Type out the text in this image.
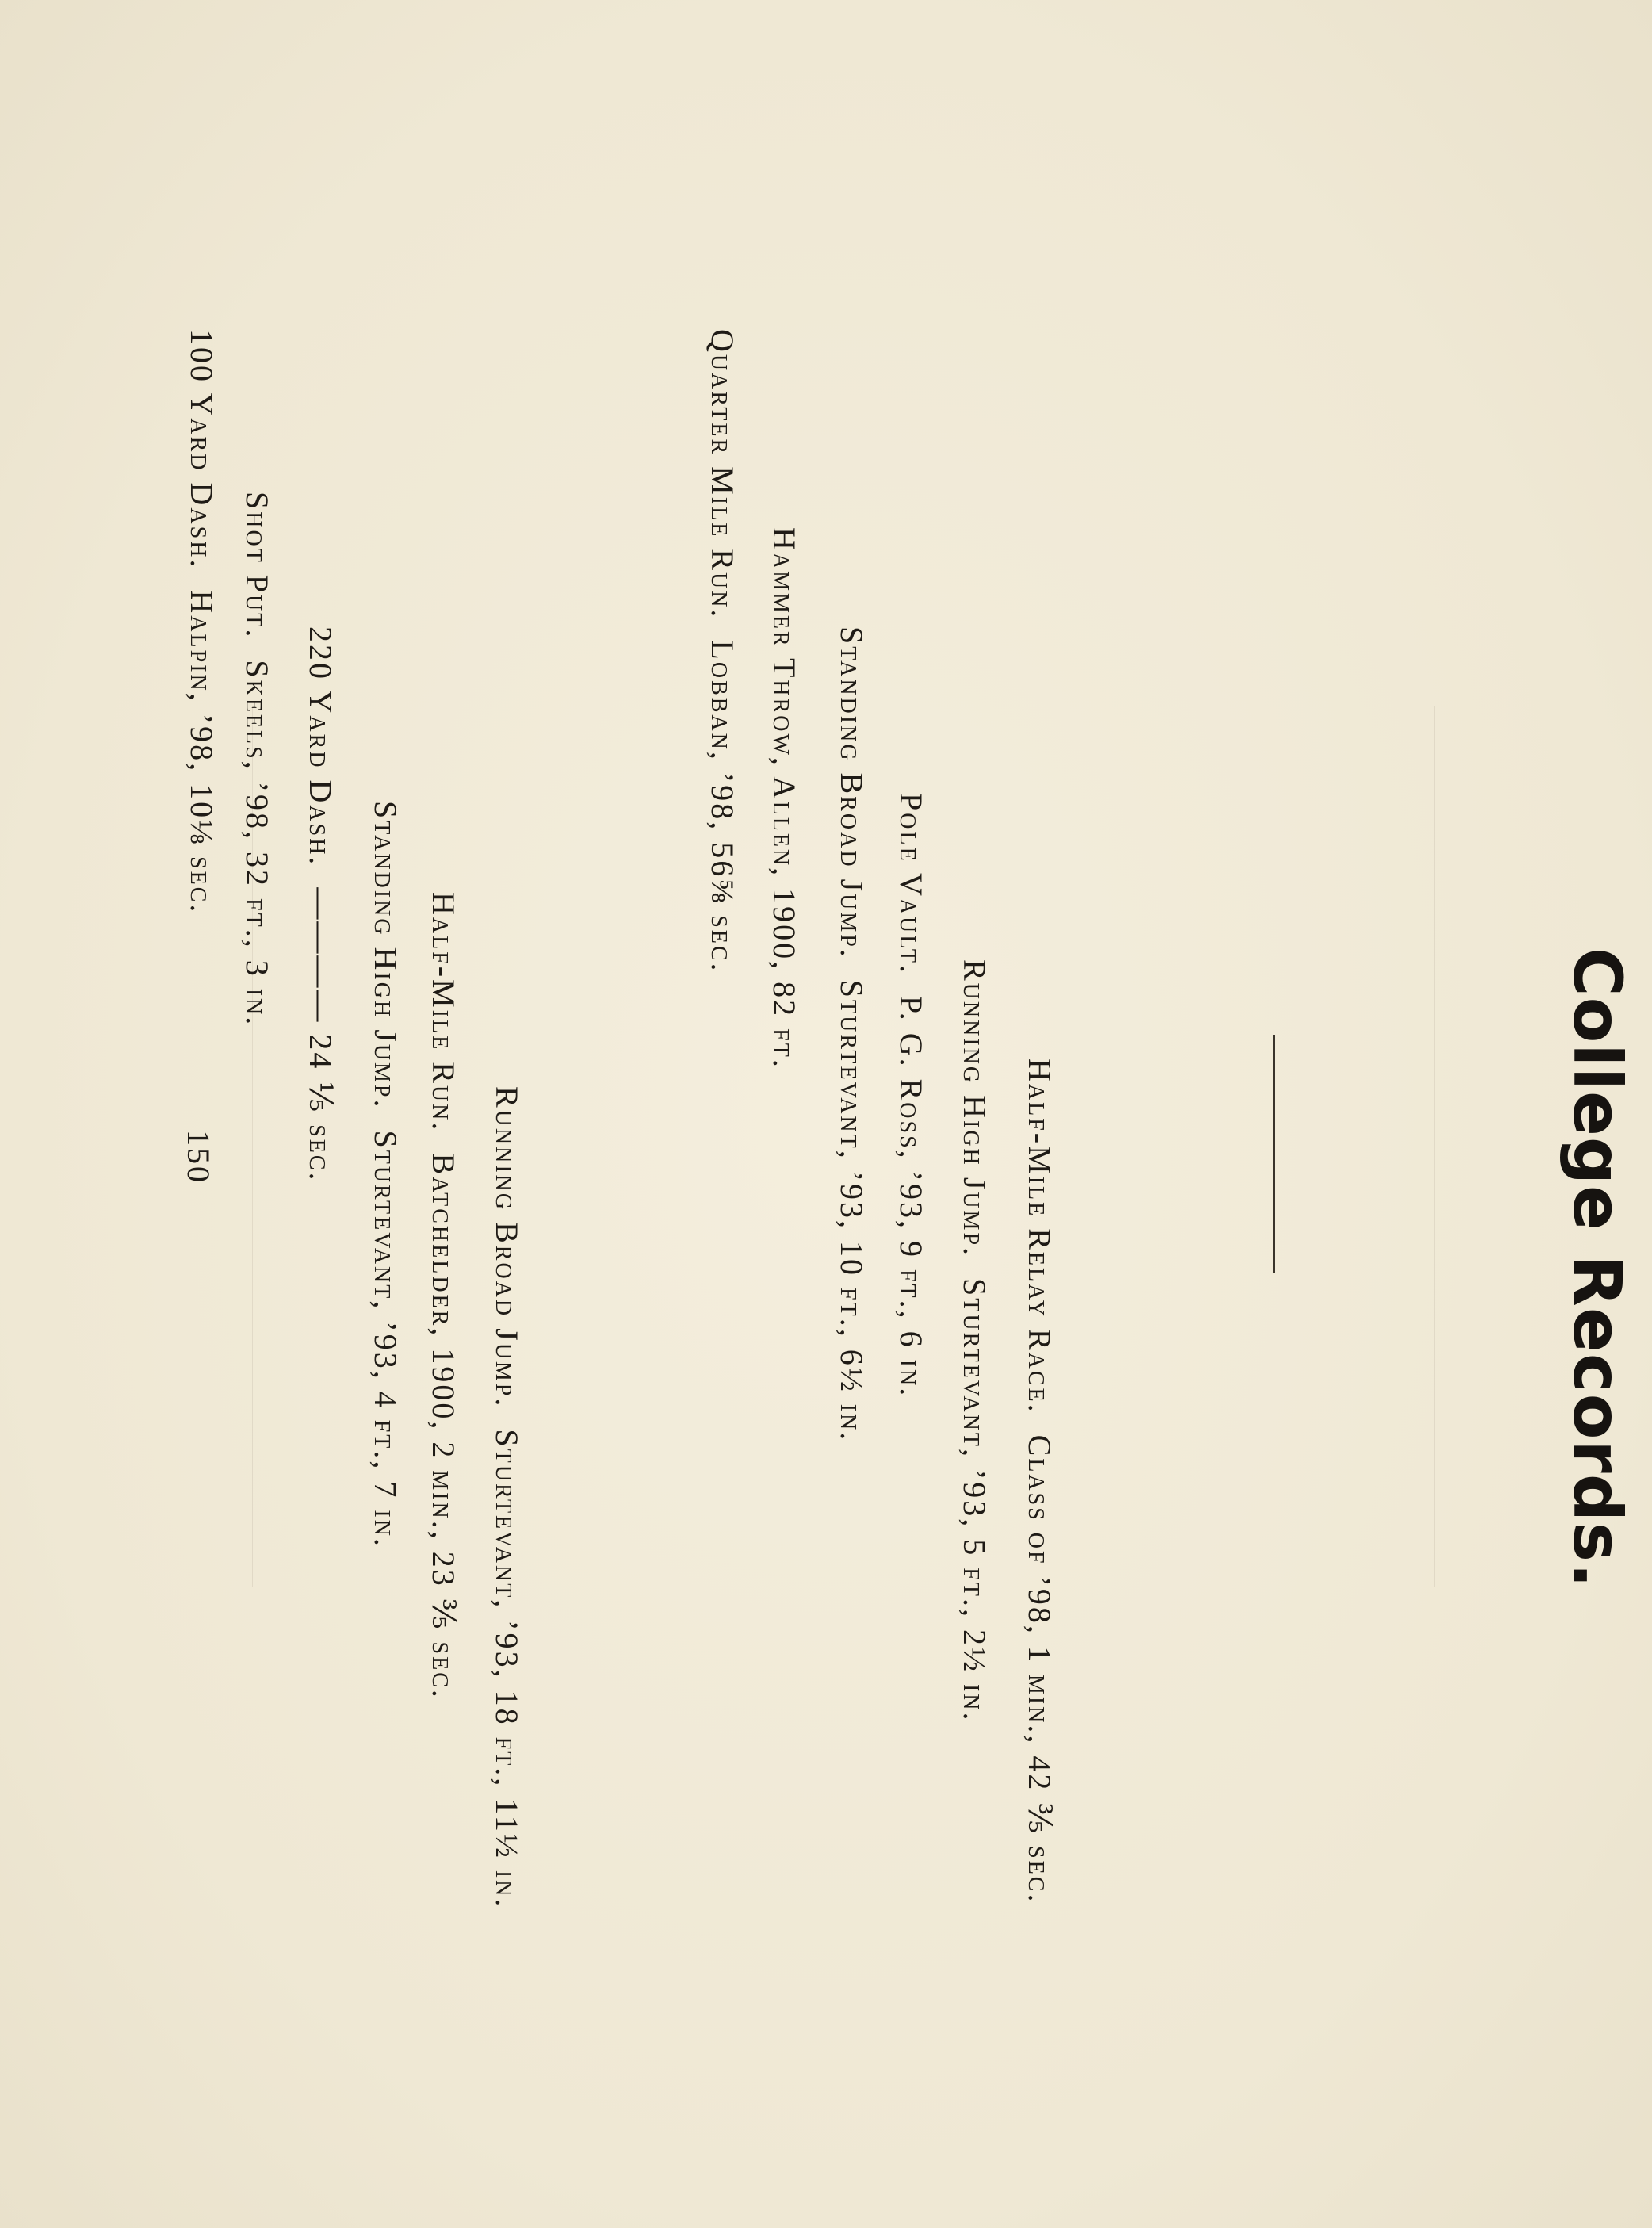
College Records.
100 Yard Dash.  Halpin, ’98, 10⅛ sec. Shot Put.  Skeels, ’98, 32 ft., 3 in. 220 Yard Dash.  ———— 24 ⅕ sec. Standing High Jump.  Sturtevant, ’93, 4 ft., 7 in. Half-Mile Run.  Batchelder, 1900, 2 min., 23 ⅗ sec. Running Broad Jump.  Sturtevant, ’93, 18 ft., 11½ in.
Quarter Mile Run.  Lobban, ’98, 56⅝ sec. Hammer Throw, Allen, 1900, 82 ft. Standing Broad Jump.  Sturtevant, ’93, 10 ft., 6½ in. Pole Vault.  P. G. Ross, ’93, 9 ft., 6 in. Running High Jump.  Sturtevant, ’93, 5 ft., 2½ in. Half-Mile Relay Race.  Class of ’98, 1 min., 42 ⅗ sec.
150
